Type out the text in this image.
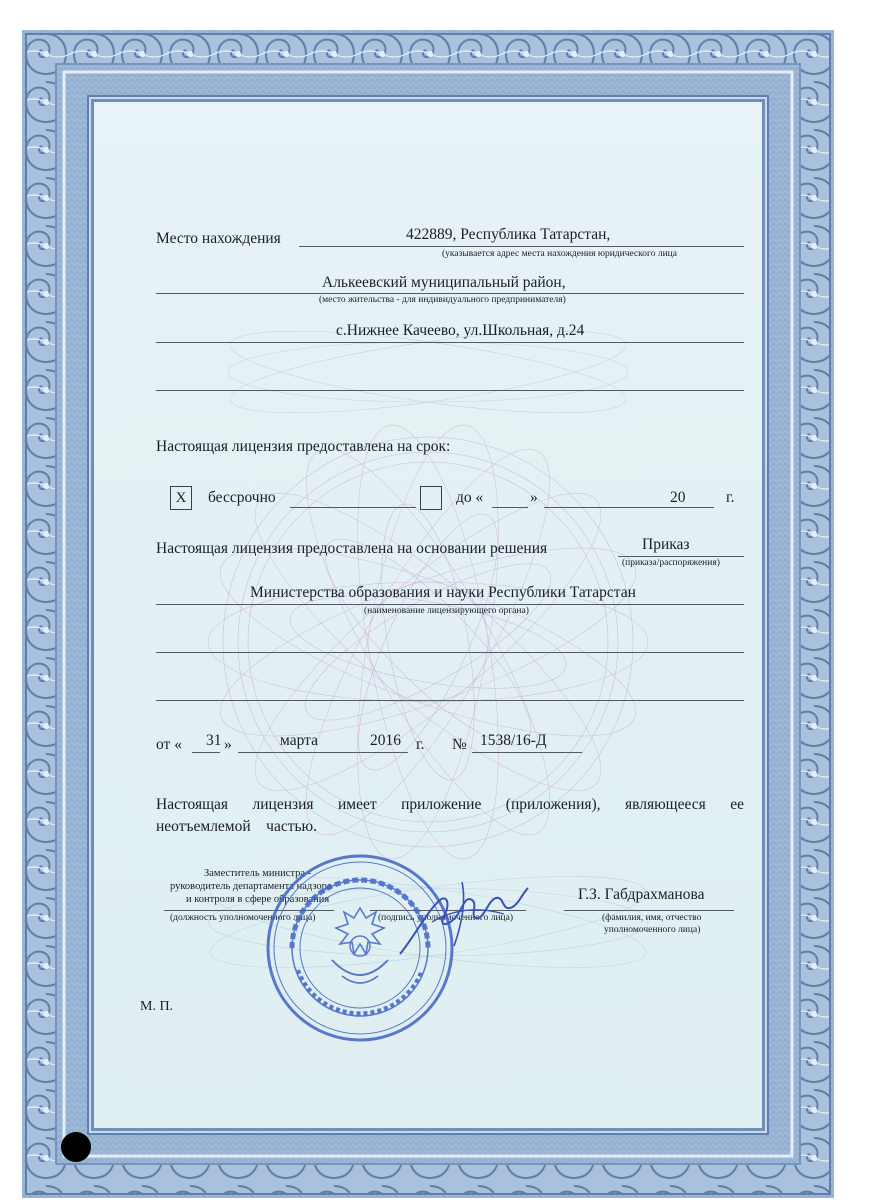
Место нахождения	422889, Республика Татарстан,
(указывается адрес места нахождения юридического лица
Алькеевский муниципальный район,
(место жительства - для индивидуального предпринимателя)
с.Нижнее Качеево, ул.Школьная, д.24
Настоящая лицензия предоставлена на срок:
X	бессрочно	до «	»	20	г.
Настоящая лицензия предоставлена на основании решения	Приказ
(приказа/распоряжения)
Министерства образования и науки Республики Татарстан
(наименование лицензирующего органа)
от « 31 »	марта	2016 г. № 1538/16-Д
Настоящая лицензия имеет приложение (приложения), являющееся ее
неотъемлемой    частью.
Заместитель министра -
руководитель департамента надзора
и контроля в сфере образования
(должность уполномоченного лица)	(подпись уполномоченного лица)
Г.З. Габдрахманова
(фамилия, имя, отчество
уполномоченного лица)
М. П.
